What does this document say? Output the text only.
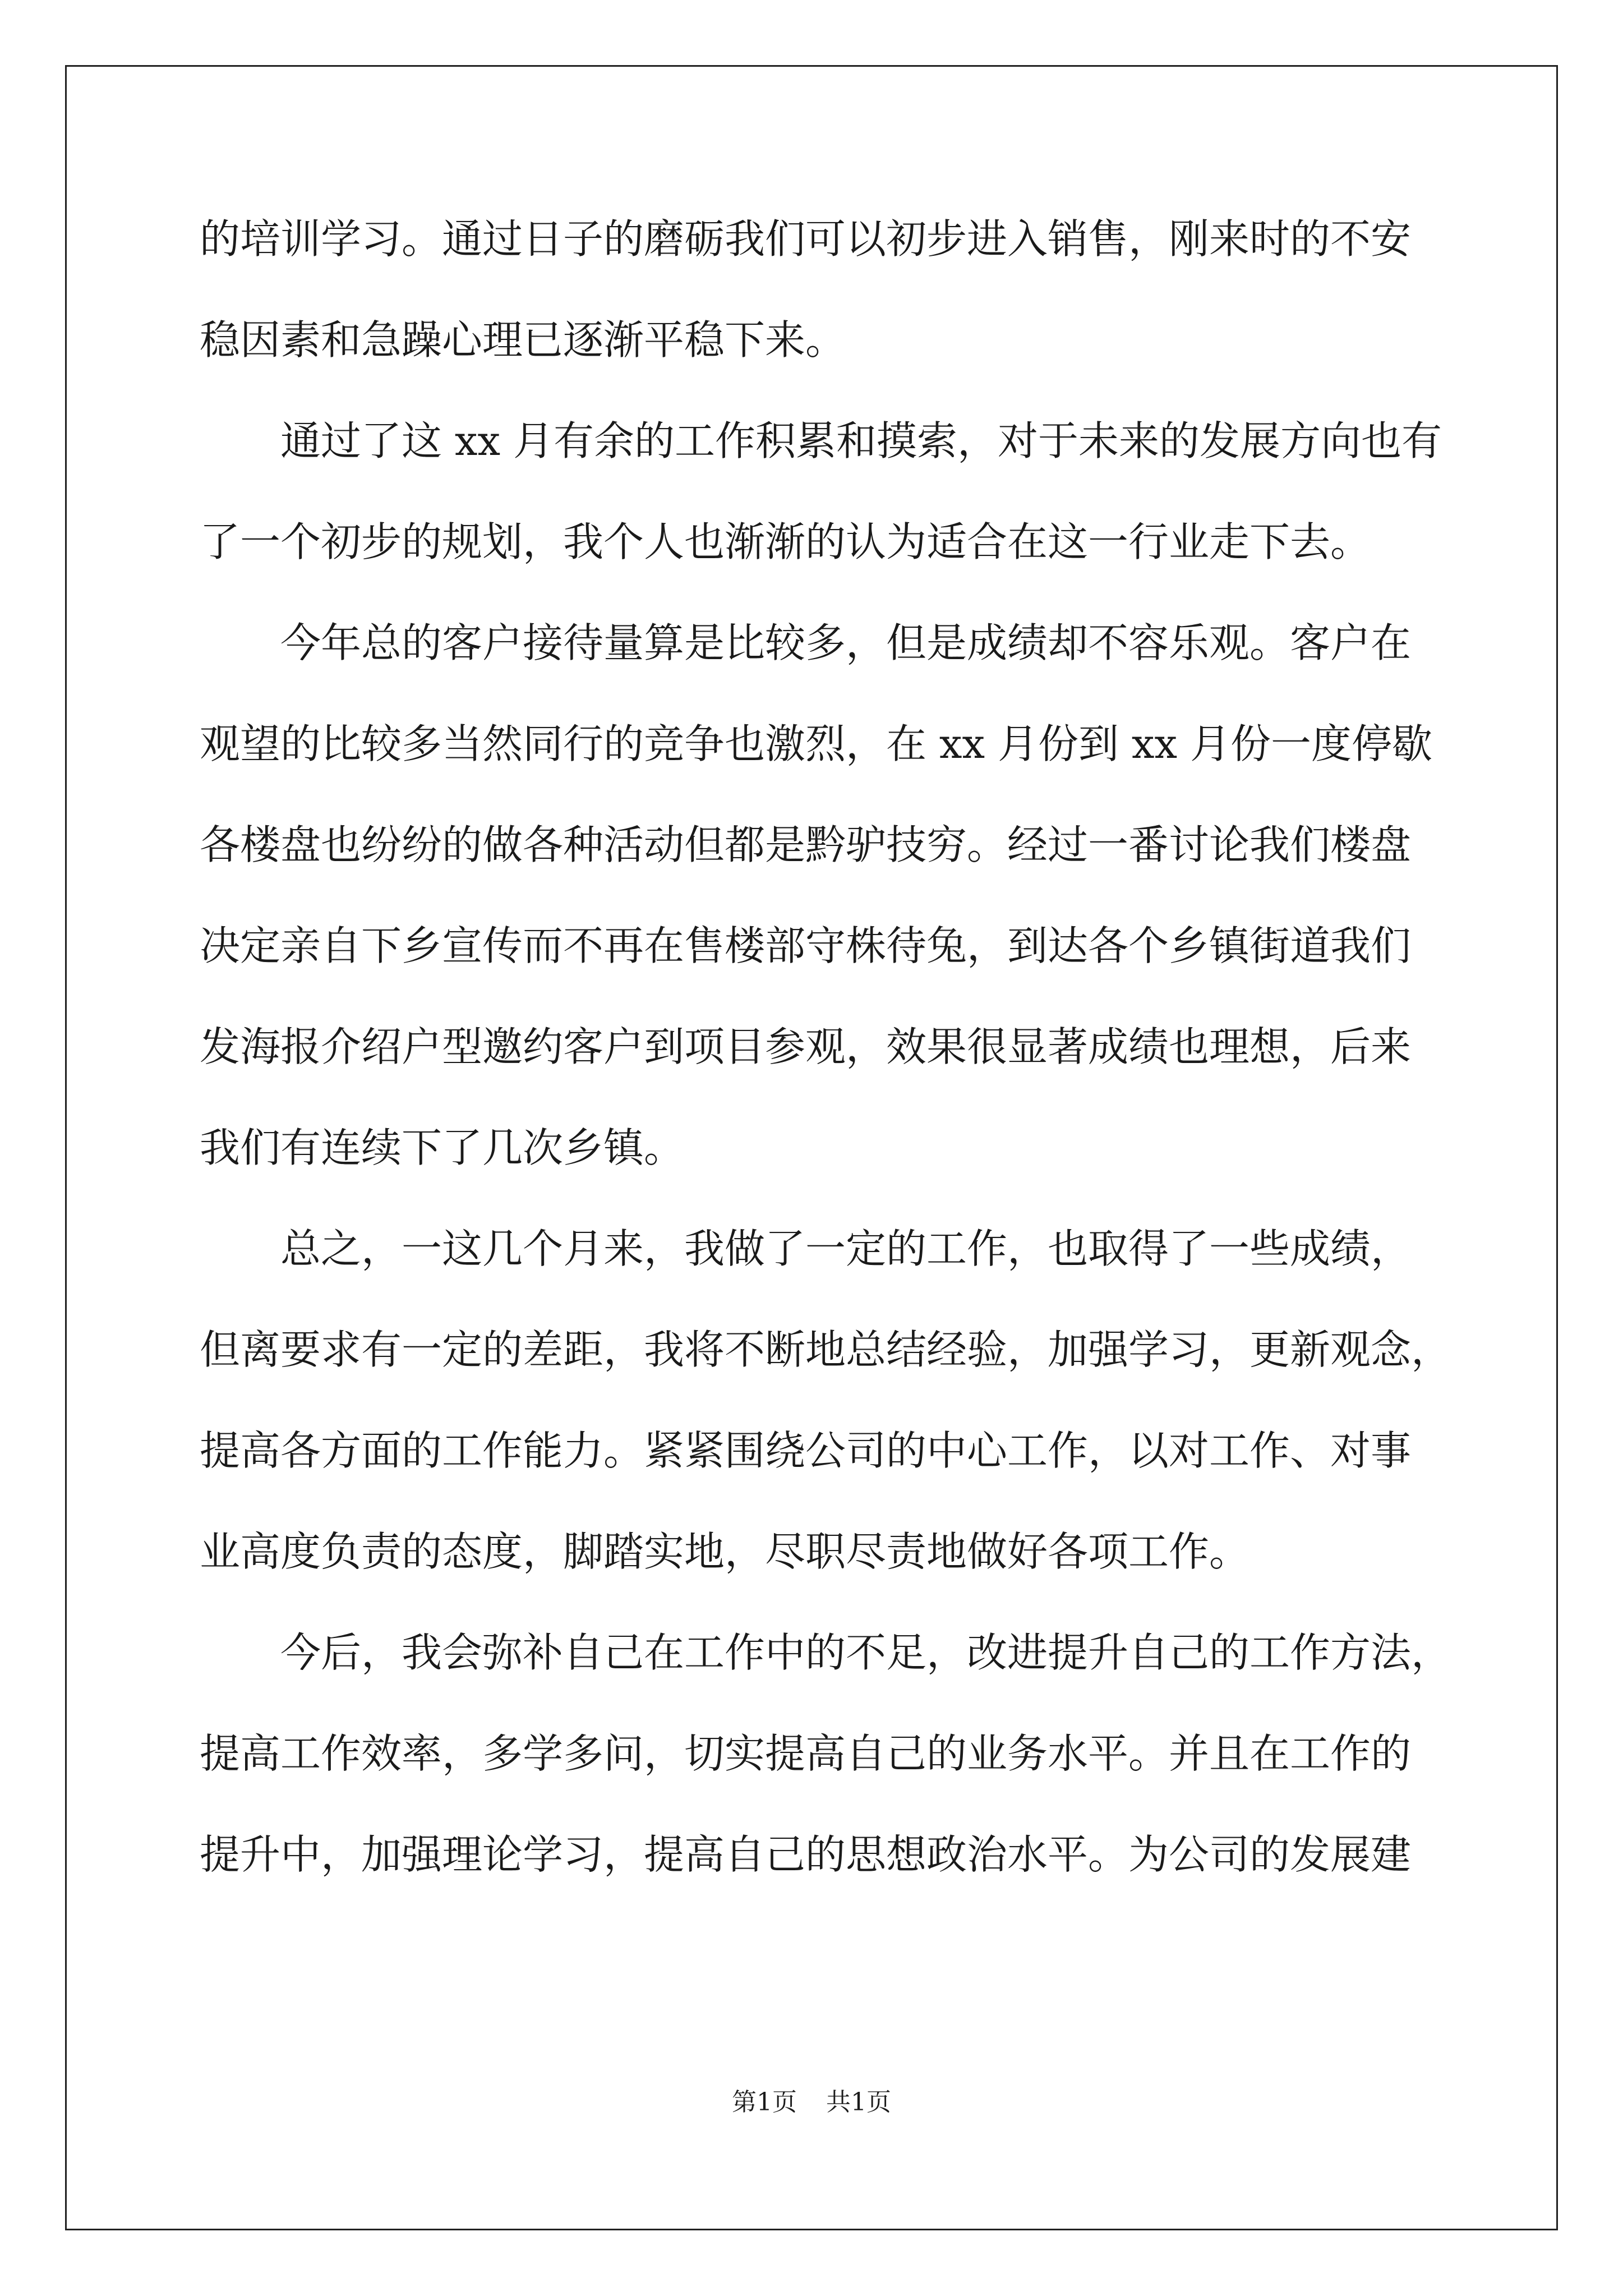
的培训学习。通过日子的磨砺我们可以初步进入销售，刚来时的不安
稳因素和急躁心理已逐渐平稳下来。
通过了这 xx 月有余的工作积累和摸索，对于未来的发展方向也有
了一个初步的规划，我个人也渐渐的认为适合在这一行业走下去。
今年总的客户接待量算是比较多，但是成绩却不容乐观。客户在
观望的比较多当然同行的竞争也激烈，在 xx 月份到 xx 月份一度停歇
各楼盘也纷纷的做各种活动但都是黔驴技穷。经过一番讨论我们楼盘
决定亲自下乡宣传而不再在售楼部守株待兔，到达各个乡镇街道我们
发海报介绍户型邀约客户到项目参观，效果很显著成绩也理想，后来
我们有连续下了几次乡镇。
总之，一这几个月来，我做了一定的工作，也取得了一些成绩，
但离要求有一定的差距，我将不断地总结经验，加强学习，更新观念，
提高各方面的工作能力。紧紧围绕公司的中心工作，以对工作、对事
业高度负责的态度，脚踏实地，尽职尽责地做好各项工作。
今后，我会弥补自己在工作中的不足，改进提升自己的工作方法，
提高工作效率，多学多问，切实提高自己的业务水平。并且在工作的
提升中，加强理论学习，提高自己的思想政治水平。为公司的发展建
第1页 共1页
